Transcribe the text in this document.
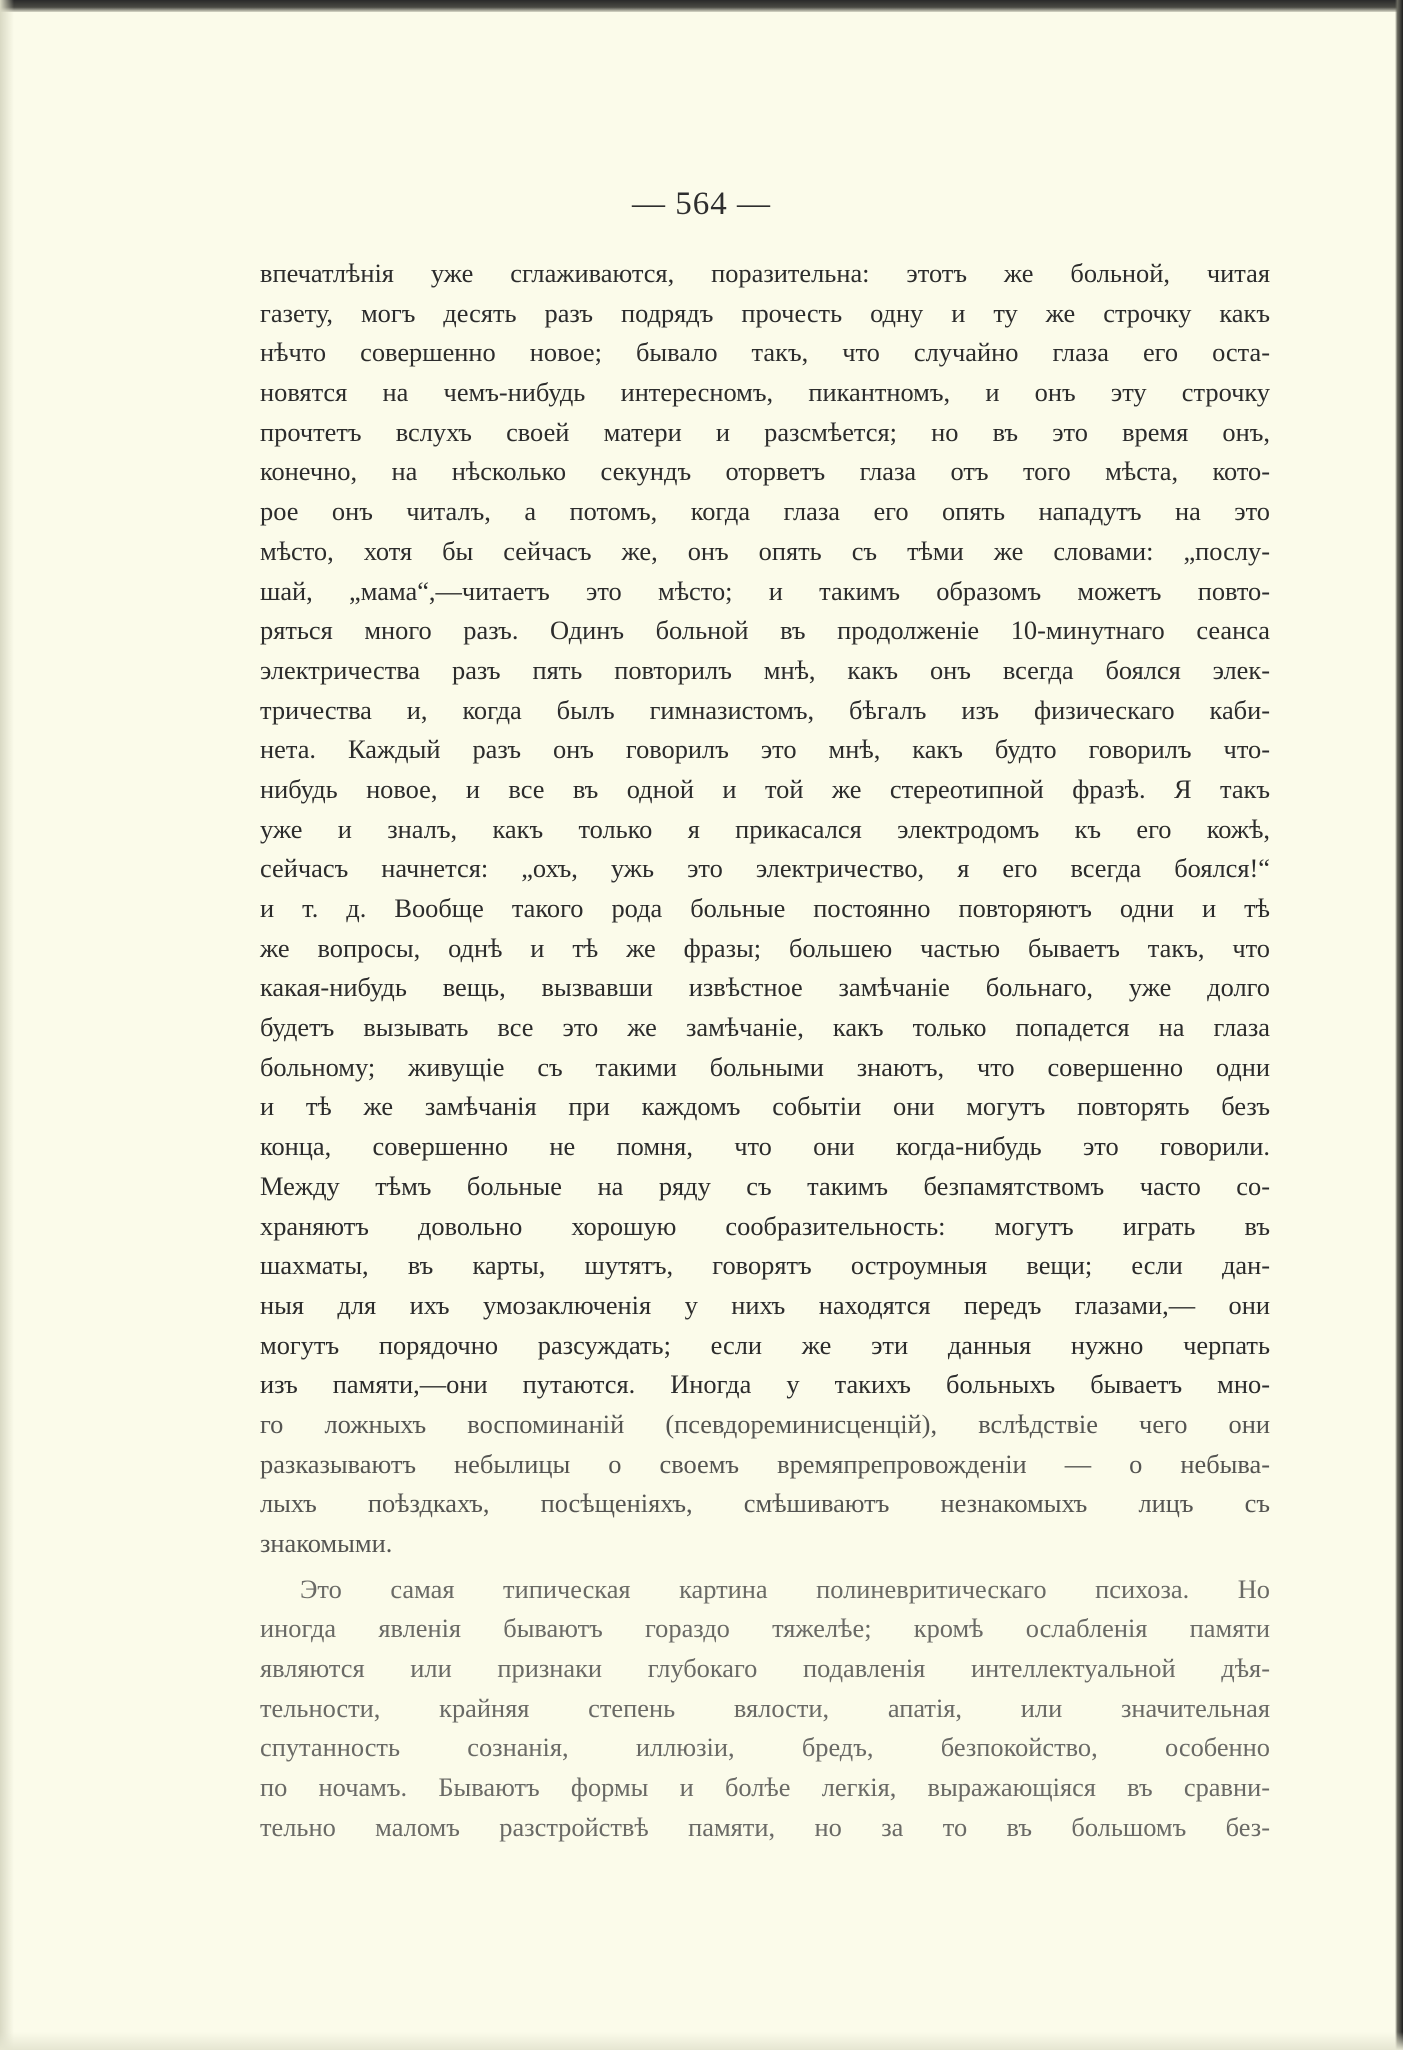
— 564 —
впечатлѣнія уже сглаживаются, поразительна: этотъ же больной, читая
газету, могъ десять разъ подрядъ прочесть одну и ту же строчку какъ
нѣчто совершенно новое; бывало такъ, что случайно глаза его оста-
новятся на чемъ-нибудь интересномъ, пикантномъ, и онъ эту строчку
прочтетъ вслухъ своей матери и разсмѣется; но въ это время онъ,
конечно, на нѣсколько секундъ оторветъ глаза отъ того мѣста, кото-
рое онъ читалъ, а потомъ, когда глаза его опять нападутъ на это
мѣсто, хотя бы сейчасъ же, онъ опять съ тѣми же словами: „послу-
шай, „мама“,—читаетъ это мѣсто; и такимъ образомъ можетъ повто-
ряться много разъ. Одинъ больной въ продолженіе 10-минутнаго сеанса
электричества разъ пять повторилъ мнѣ, какъ онъ всегда боялся элек-
тричества и, когда былъ гимназистомъ, бѣгалъ изъ физическаго каби-
нета. Каждый разъ онъ говорилъ это мнѣ, какъ будто говорилъ что-
нибудь новое, и все въ одной и той же стереотипной фразѣ. Я такъ
уже и зналъ, какъ только я прикасался электродомъ къ его кожѣ,
сейчасъ начнется: „охъ, ужь это электричество, я его всегда боялся!“
и т. д. Вообще такого рода больные постоянно повторяютъ одни и тѣ
же вопросы, однѣ и тѣ же фразы; большею частью бываетъ такъ, что
какая-нибудь вещь, вызвавши извѣстное замѣчаніе больнаго, уже долго
будетъ вызывать все это же замѣчаніе, какъ только попадется на глаза
больному; живущіе съ такими больными знаютъ, что совершенно одни
и тѣ же замѣчанія при каждомъ событіи они могутъ повторять безъ
конца, совершенно не помня, что они когда-нибудь это говорили.
Между тѣмъ больные на ряду съ такимъ безпамятствомъ часто со-
храняютъ довольно хорошую сообразительность: могутъ играть въ
шахматы, въ карты, шутятъ, говорятъ остроумныя вещи; если дан-
ныя для ихъ умозаключенія у нихъ находятся передъ глазами,— они
могутъ порядочно разсуждать; если же эти данныя нужно черпать
изъ памяти,—они путаются. Иногда у такихъ больныхъ бываетъ мно-
го ложныхъ воспоминаній (псевдореминисценцій), вслѣдствіе чего они
разказываютъ небылицы о своемъ времяпрепровожденіи — о небыва-
лыхъ поѣздкахъ, посѣщеніяхъ, смѣшиваютъ незнакомыхъ лицъ съ
знакомыми.
Это самая типическая картина полиневритическаго психоза. Но
иногда явленія бываютъ гораздо тяжелѣе; кромѣ ослабленія памяти
являются или признаки глубокаго подавленія интеллектуальной дѣя-
тельности, крайняя степень вялости, апатія, или значительная
спутанность сознанія, иллюзіи, бредъ, безпокойство, особенно
по ночамъ. Бываютъ формы и болѣе легкія, выражающіяся въ сравни-
тельно маломъ разстройствѣ памяти, но за то въ большомъ без-
